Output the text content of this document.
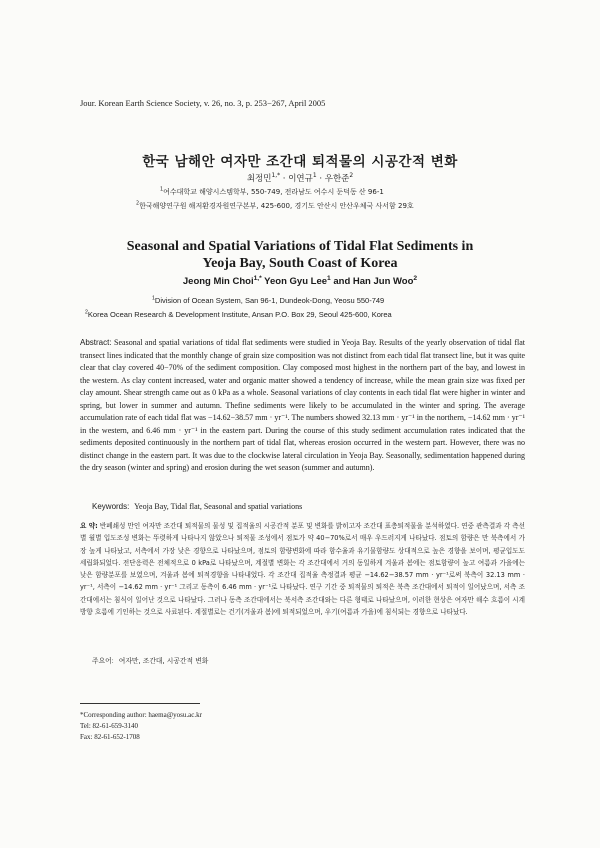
Jour. Korean Earth Science Society, v. 26, no. 3, p. 253−267, April 2005
한국 남해안 여자만 조간대 퇴적물의 시공간적 변화
최정민$^{1,*}$ · 이연규$^1$ · 우한준$^2$
$^1$여수대학교 해양시스템학부, 550-749, 전라남도 여수시 둔덕동 산 96-1
$^2$한국해양연구원 해저환경자원연구본부, 425-600, 경기도 안산시 안산우체국 사서함 29호
Seasonal and Spatial Variations of Tidal Flat Sediments in
Yeoja Bay, South Coast of Korea
Jeong Min Choi$^{1,*}$ Yeon Gyu Lee$^1$ and Han Jun Woo$^2$
$^1$Division of Ocean System, San 96-1, Dundeok-Dong, Yeosu 550-749
$^2$Korea Ocean Research & Development Institute, Ansan P.O. Box 29, Seoul 425-600, Korea
Abstract: Seasonal and spatial variations of tidal flat sediments were studied in Yeoja Bay. Results of the yearly observation of tidal flat transect lines indicated that the monthly change of grain size composition was not distinct from each tidal flat transect line, but it was quite clear that clay covered 40−70% of the sediment composition. Clay composed most highest in the northern part of the bay, and lowest in the western. As clay content increased, water and organic matter showed a tendency of increase, while the mean grain size was fixed per clay amount. Shear strength came out as 0 kPa as a whole. Seasonal variations of clay contents in each tidal flat were higher in winter and spring, but lower in summer and autumn. Thefine sediments were likely to be accumulated in the winter and spring. The average accumulation rate of each tidal flat was −14.62−38.57 mm · yr⁻¹. The numbers showed 32.13 mm · yr⁻¹ in the northern, −14.62 mm · yr⁻¹ in the western, and 6.46 mm · yr⁻¹ in the eastern part. During the course of this study sediment accumulation rates indicated that the sediments deposited continuously in the northern part of tidal flat, whereas erosion occurred in the western part. However, there was no distinct change in the eastern part. It was due to the clockwise lateral circulation in Yeoja Bay. Seasonally, sedimentation happened during the dry season (winter and spring) and erosion during the wet season (summer and autumn).
Keywords: Yeoja Bay, Tidal flat, Seasonal and spatial variations
요 약: 반폐쇄성 만인 여자만 조간대 퇴적물의 물성 및 집적율의 시공간적 분포 및 변화를 밝히고자 조간대 표층퇴적물을 분석하였다. 연중 관측결과 각 측선별 월별 입도조성 변화는 뚜렷하게 나타나지 않았으나 퇴적물 조성에서 점토가 약 40−70%로서 매우 우드러지게 나타났다. 점토의 함량은 만 북측에서 가장 높게 나타났고, 서측에서 가장 낮은 경향으로 나타났으며, 점토의 함량변화에 따라 함수율과 유기물함량도 상대적으로 높은 경향을 보이며, 평균입도도 세립화되었다. 전단응력은 전체적으로 0 kPa로 나타났으며, 계절별 변화는 각 조간대에서 거의 동일하게 겨울과 봄에는 점토함량이 높고 여름과 가을에는 낮은 함량분포를 보였으며, 겨울과 봄에 퇴적경향을 나타내었다. 각 조간대 집적율 측정결과 평균 −14.62−38.57 mm · yr⁻¹로써 북측이 32.13 mm · yr⁻¹, 서측이 −14.62 mm · yr⁻¹ 그리고 동측이 6.46 mm · yr⁻¹로 나타났다. 연구 기간 중 퇴적물의 퇴적은 북측 조간대에서 퇴적이 일어났으며, 서측 조간대에서는 침식이 일어난 것으로 나타났다. 그러나 동측 조간대에서는 북서측 조간대와는 다른 형태로 나타났으며, 이러한 현상은 여자만 해수 흐름이 시계방향 흐름에 기인하는 것으로 사료된다. 계절별로는 건기(겨울과 봄)에 퇴적되었으며, 우기(여름과 가을)에 침식되는 경향으로 나타났다.
주요어: 여자만, 조간대, 시공간적 변화
*Corresponding author: haema@yosu.ac.kr
Tel: 82-61-659-3140
Fax: 82-61-652-1708
